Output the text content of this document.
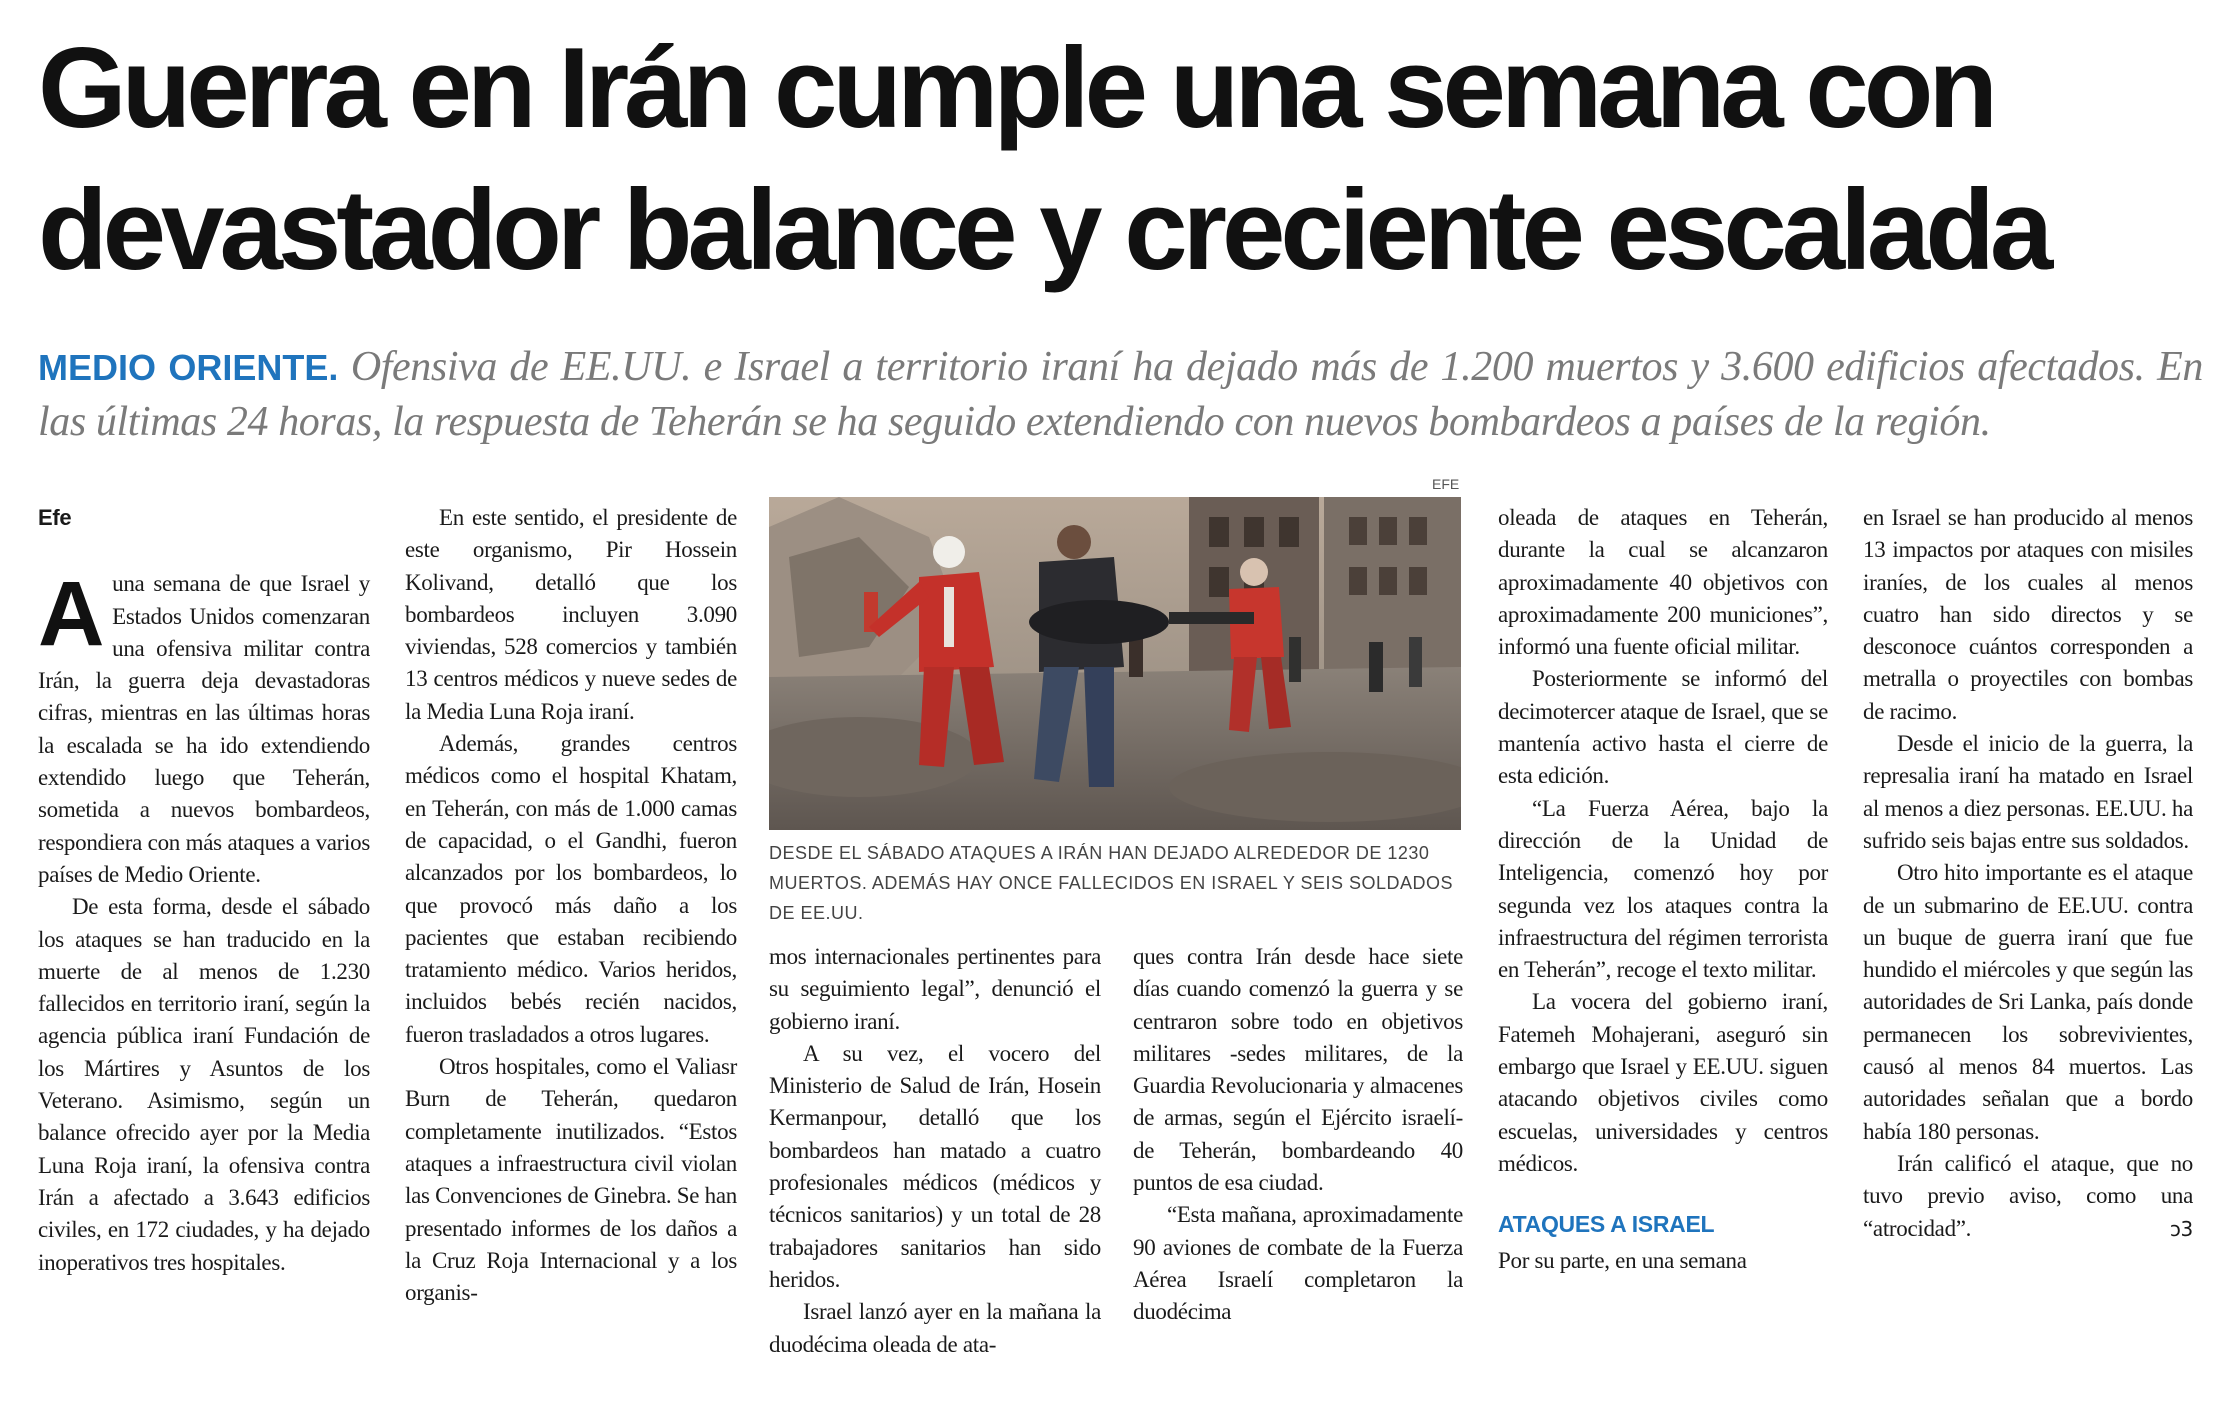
Guerra en Irán cumple una semana con
devastador balance y creciente escalada
MEDIO ORIENTE. Ofensiva de EE.UU. e Israel a territorio iraní ha dejado más de 1.200 muertos y 3.600 edificios afectados. En las últimas 24 horas, la respuesta de Teherán se ha seguido extendiendo con nuevos bombardeos a países de la región.
Efe

Auna semana de que Israel y Estados Unidos comenzaran una ofensiva militar contra Irán, la guerra deja devastadoras cifras, mientras en las últimas horas la escalada se ha ido extendiendo extendido luego que Teherán, sometida a nuevos bombardeos, respondiera con más ataques a varios países de Medio Oriente.

De esta forma, desde el sábado los ataques se han traducido en la muerte de al menos de 1.230 fallecidos en territorio iraní, según la agencia pública iraní Fundación de los Mártires y Asuntos de los Veterano. Asimismo, según un balance ofrecido ayer por la Media Luna Roja iraní, la ofensiva contra Irán a afectado a 3.643 edificios civiles, en 172 ciudades, y ha dejado inoperativos tres hospitales.

En este sentido, el presidente de este organismo, Pir Hossein Kolivand, detalló que los bombardeos incluyen 3.090 viviendas, 528 comercios y también 13 centros médicos y nueve sedes de la Media Luna Roja iraní.

Además, grandes centros médicos como el hospital Khatam, en Teherán, con más de 1.000 camas de capacidad, o el Gandhi, fueron alcanzados por los bombardeos, lo que provocó más daño a los pacientes que estaban recibiendo tratamiento médico. Varios heridos, incluidos bebés recién nacidos, fueron trasladados a otros lugares.

Otros hospitales, como el Valiasr Burn de Teherán, quedaron completamente inutilizados. “Estos ataques a infraestructura civil violan las Convenciones de Ginebra. Se han presentado informes de los daños a la Cruz Roja Internacional y a los organis-

EFE
DESDE EL SÁBADO ATAQUES A IRÁN HAN DEJADO ALREDEDOR DE 1230 MUERTOS. ADEMÁS HAY ONCE FALLECIDOS EN ISRAEL Y SEIS SOLDADOS DE EE.UU.

mos internacionales pertinentes para su seguimiento legal”, denunció el gobierno iraní.

A su vez, el vocero del Ministerio de Salud de Irán, Hosein Kermanpour, detalló que los bombardeos han matado a cuatro profesionales médicos (médicos y técnicos sanitarios) y un total de 28 trabajadores sanitarios han sido heridos.

Israel lanzó ayer en la mañana la duodécima oleada de ata-

ques contra Irán desde hace siete días cuando comenzó la guerra y se centraron sobre todo en objetivos militares -sedes militares, de la Guardia Revolucionaria y almacenes de armas, según el Ejército israelí- de Teherán, bombardeando 40 puntos de esa ciudad.

“Esta mañana, aproximadamente 90 aviones de combate de la Fuerza Aérea Israelí completaron la duodécima

oleada de ataques en Teherán, durante la cual se alcanzaron aproximadamente 40 objetivos con aproximadamente 200 municiones”, informó una fuente oficial militar.

Posteriormente se informó del decimotercer ataque de Israel, que se mantenía activo hasta el cierre de esta edición.

“La Fuerza Aérea, bajo la dirección de la Unidad de Inteligencia, comenzó hoy por segunda vez los ataques contra la infraestructura del régimen terrorista en Teherán”, recoge el texto militar.

La vocera del gobierno iraní, Fatemeh Mohajerani, aseguró sin embargo que Israel y EE.UU. siguen atacando objetivos civiles como escuelas, universidades y centros médicos.

ATAQUES A ISRAEL

Por su parte, en una semana

en Israel se han producido al menos 13 impactos por ataques con misiles iraníes, de los cuales al menos cuatro han sido directos y se desconoce cuántos corresponden a metralla o proyectiles con bombas de racimo.

Desde el inicio de la guerra, la represalia iraní ha matado en Israel al menos a diez personas. EE.UU. ha sufrido seis bajas entre sus soldados.

Otro hito importante es el ataque de un submarino de EE.UU. contra un buque de guerra iraní que fue hundido el miércoles y que según las autoridades de Sri Lanka, país donde permanecen los sobrevivientes, causó al menos 84 muertos. Las autoridades señalan que a bordo había 180 personas.

Irán calificó el ataque, que no tuvo previo aviso, como una “atrocidad”.	ↄ3
